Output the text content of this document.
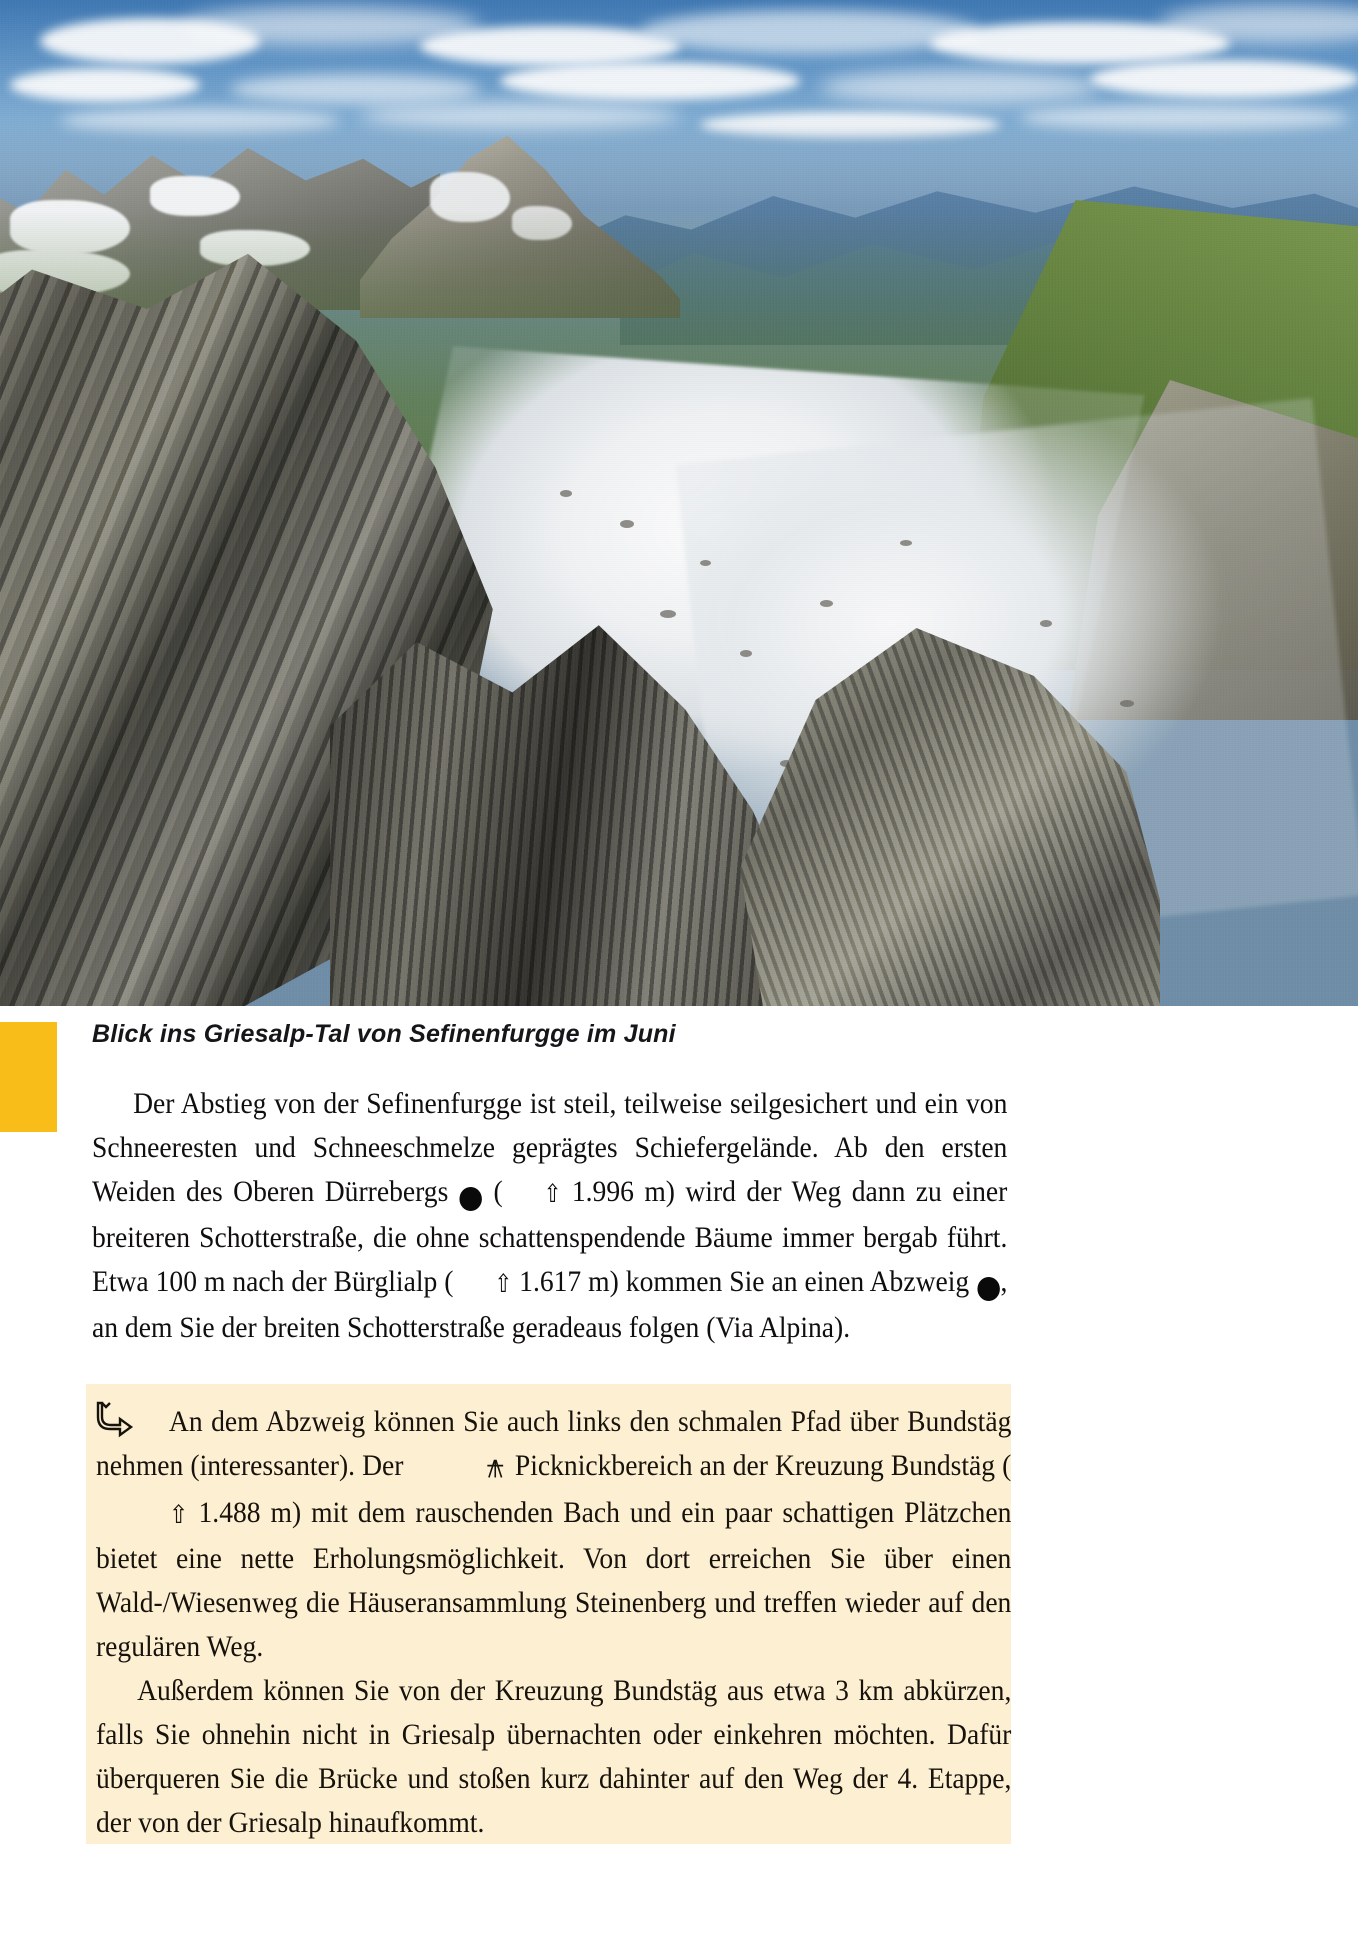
Blick ins Griesalp-Tal von Sefinenfurgge im Juni

Der Abstieg von der Sefinenfurgge ist steil, teilweise seilgesichert und ein von Schneeresten und Schneeschmelze geprägtes Schiefergelände. Ab den ersten Weiden des Oberen Dürrebergs 6 ( ⇧ 1.996 m) wird der Weg dann zu einer breiteren Schotterstraße, die ohne schattenspendende Bäume immer bergab führt. Etwa 100 m nach der Bürglialp ( ⇧ 1.617 m) kommen Sie an einen Abzweig 7, an dem Sie der breiten Schotterstraße geradeaus folgen (Via Alpina).

An dem Abzweig können Sie auch links den schmalen Pfad über Bundstäg nehmen (interessanter). Der	Picknickbereich an der Kreuzung Bundstäg (⇧ 1.488 m) mit dem rauschenden Bach und ein paar schattigen Plätzchen bietet eine nette Erholungsmöglichkeit. Von dort erreichen Sie über einen Wald-/Wiesenweg die Häuseransammlung Steinenberg und treffen wieder auf den regulären Weg.

Außerdem können Sie von der Kreuzung Bundstäg aus etwa 3 km abkürzen, falls Sie ohnehin nicht in Griesalp übernachten oder einkehren möchten. Dafür überqueren Sie die Brücke und stoßen kurz dahinter auf den Weg der 4. Etappe, der von der Griesalp hinaufkommt.
